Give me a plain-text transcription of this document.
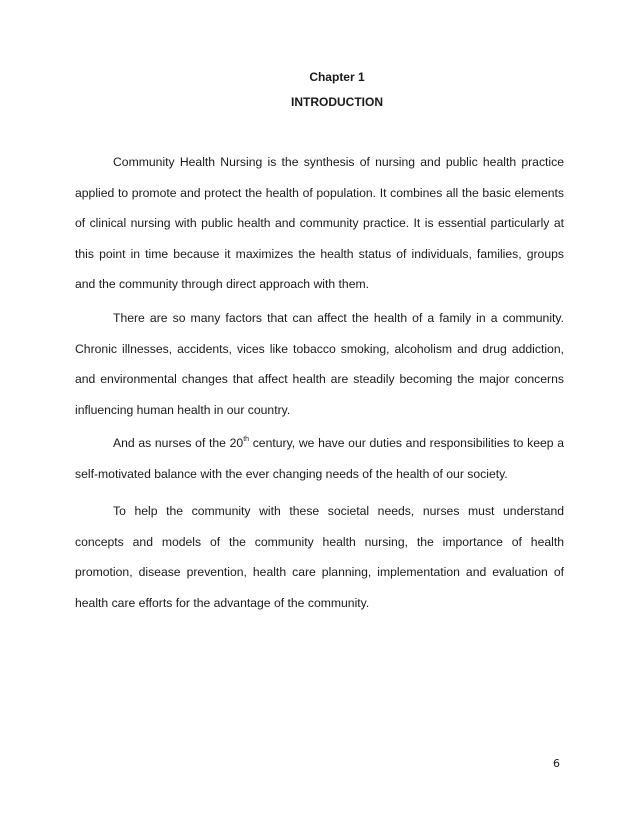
Chapter 1

INTRODUCTION

Community Health Nursing is the synthesis of nursing and public health practice applied to promote and protect the health of population. It combines all the basic elements of clinical nursing with public health and community practice. It is essential particularly at this point in time because it maximizes the health status of individuals, families, groups and the community through direct approach with them.

There are so many factors that can affect the health of a family in a community. Chronic illnesses, accidents, vices like tobacco smoking, alcoholism and drug addiction, and environmental changes that affect health are steadily becoming the major concerns influencing human health in our country.

And as nurses of the 20th century, we have our duties and responsibilities to keep a self-motivated balance with the ever changing needs of the health of our society.

To help the community with these societal needs, nurses must understand concepts and models of the community health nursing, the importance of health promotion, disease prevention, health care planning, implementation and evaluation of health care efforts for the advantage of the community.

6
